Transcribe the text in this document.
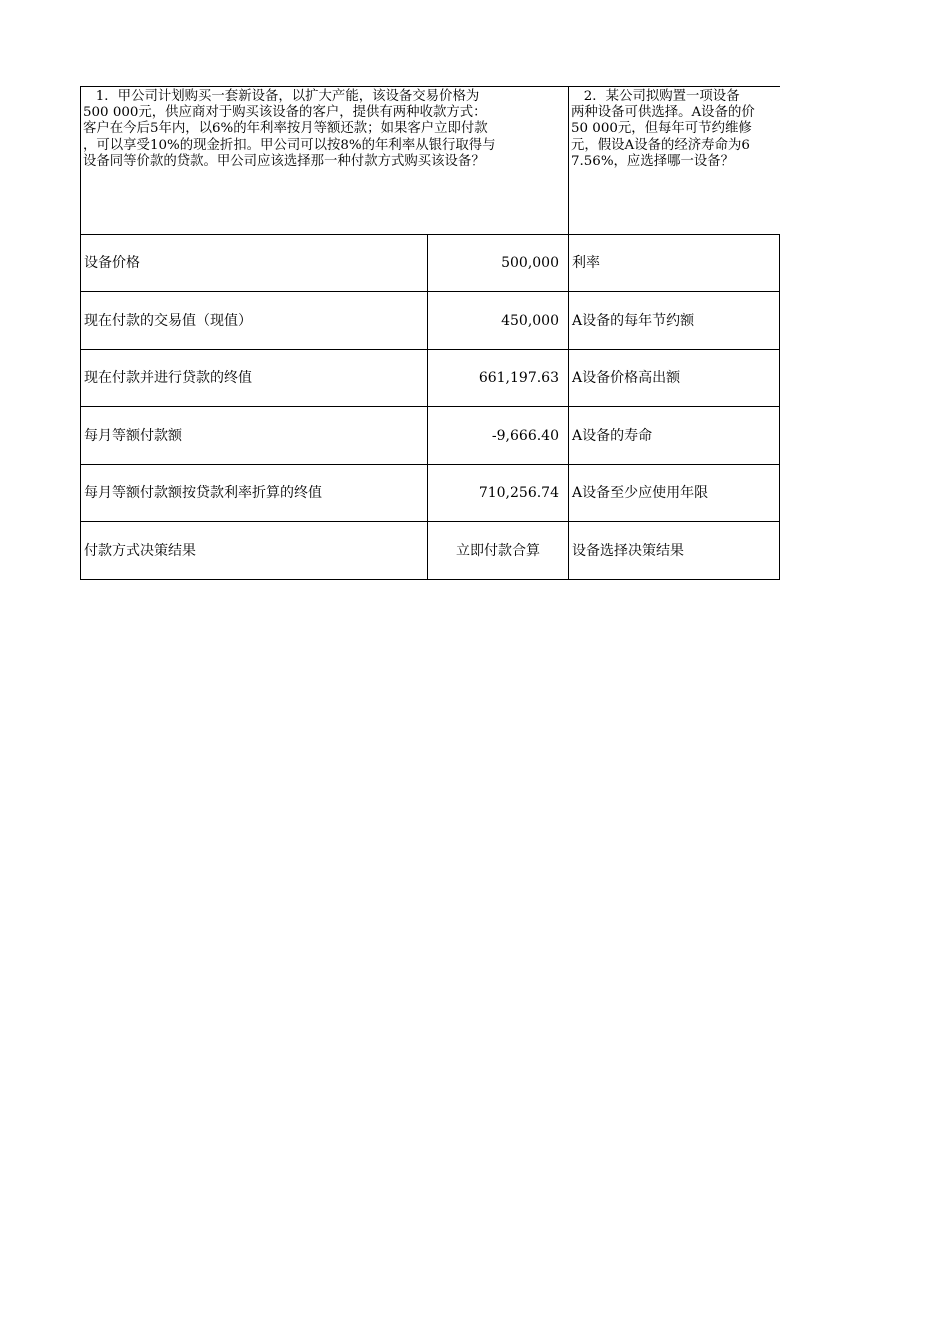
1．甲公司计划购买一套新设备，以扩大产能，该设备交易价格为
500 000元，供应商对于购买该设备的客户，提供有两种收款方式：
客户在今后5年内，以6%的年利率按月等额还款；如果客户立即付款
，可以享受10%的现金折扣。甲公司可以按8%的年利率从银行取得与
设备同等价款的贷款。甲公司应该选择那一种付款方式购买该设备？
2．某公司拟购置一项设备
两种设备可供选择。A设备的价
50 000元，但每年可节约维修
元，假设A设备的经济寿命为6
7.56%，应选择哪一设备？
设备价格	500,000 利率
现在付款的交易值（现值）	450,000 A设备的每年节约额
现在付款并进行贷款的终值	661,197.63 A设备价格高出额
每月等额付款额	-9,666.40 A设备的寿命
每月等额付款额按贷款利率折算的终值	710,256.74 A设备至少应使用年限
付款方式决策结果	立即付款合算	设备选择决策结果
